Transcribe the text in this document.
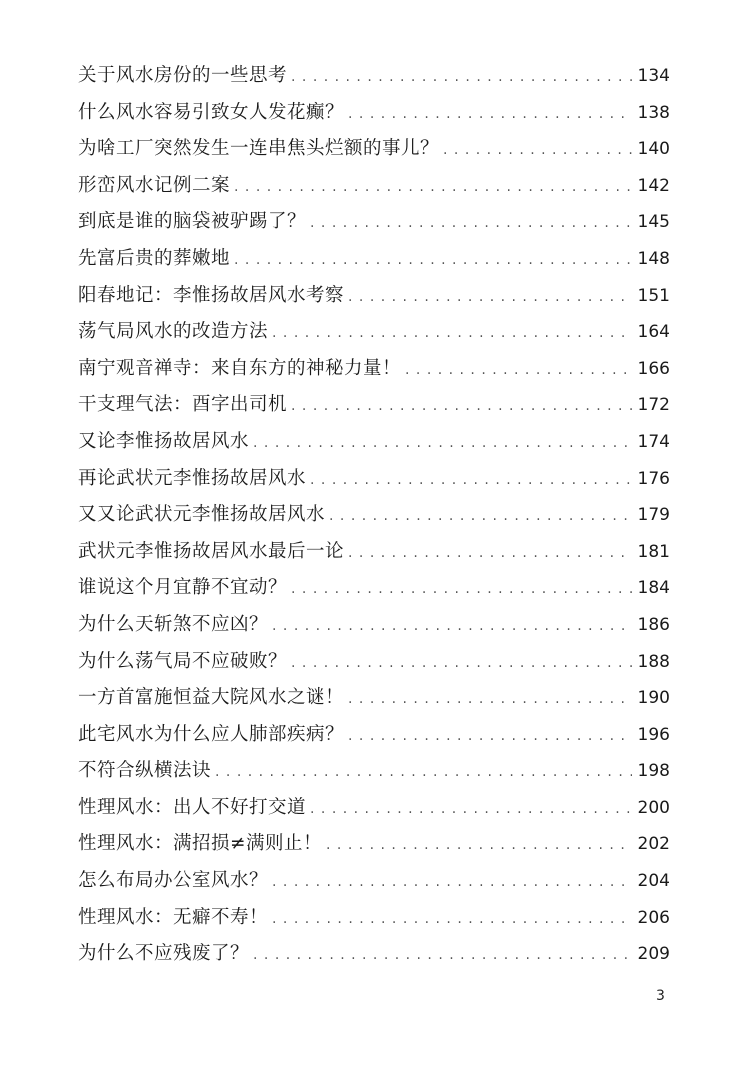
关于风水房份的一些思考 . . .	134
什么风水容易引致女人发花癫？ . . .	138
为啥工厂突然发生一连串焦头烂额的事儿？ . . .	140
形峦风水记例二案 . . .	142
到底是谁的脑袋被驴踢了？ . . .	145
先富后贵的葬嫩地 . . .	148
阳春地记：李惟扬故居风水考察 . . .	151
荡气局风水的改造方法 . . .	164
南宁观音禅寺：来自东方的神秘力量！ . . .	166
干支理气法：酉字出司机 . . .	172
又论李惟扬故居风水 . . .	174
再论武状元李惟扬故居风水 . . .	176
又又论武状元李惟扬故居风水 . . .	179
武状元李惟扬故居风水最后一论 . . .	181
谁说这个月宜静不宜动？ . . .	184
为什么天斩煞不应凶？ . . .	186
为什么荡气局不应破败？ . . .	188
一方首富施恒益大院风水之谜！ . . .	190
此宅风水为什么应人肺部疾病？ . . .	196
不符合纵横法诀 . . .	198
性理风水：出人不好打交道 . . .	200
性理风水：满招损≠满则止！ . . .	202
怎么布局办公室风水？ . . .	204
性理风水：无癖不寿！ . . .	206
为什么不应残废了？ . . .	209
3
